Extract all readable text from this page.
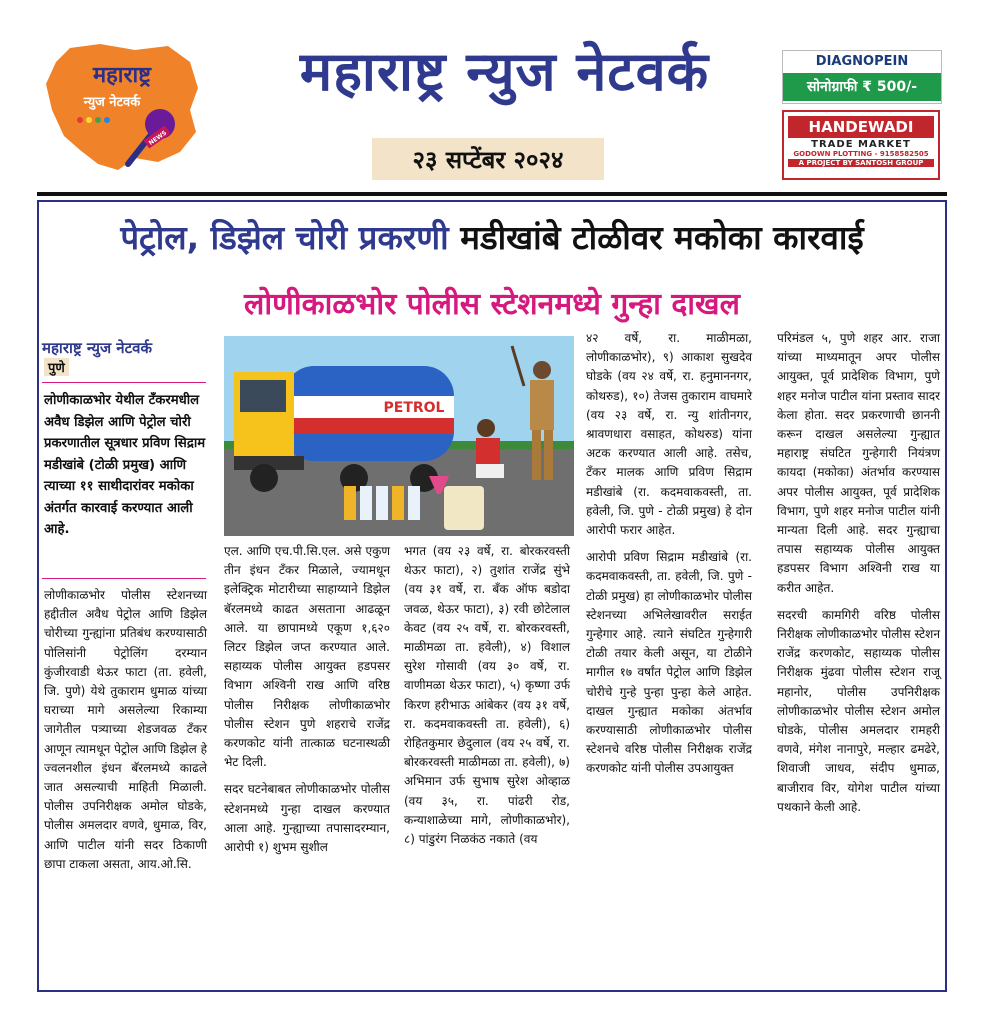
महाराष्ट्र
न्युज नेटवर्क
NEWS
महाराष्ट्र न्युज नेटवर्क
२३ सप्टेंबर २०२४
DIAGNOPEIN
सोनोग्राफी ₹ 500/-
HANDEWADI
TRADE MARKET
GODOWN PLOTTING - 9158582505
A PROJECT BY SANTOSH GROUP
पेट्रोल, डिझेल चोरी प्रकरणी मडीखांबे टोळीवर मकोका कारवाई
लोणीकाळभोर पोलीस स्टेशनमध्ये गुन्हा दाखल
महाराष्ट्र न्युज नेटवर्क
पुणे
लोणीकाळभोर येथील टँकरमधील अवैध डिझेल आणि पेट्रोल चोरी प्रकरणातील सूत्रधार प्रविण सिद्राम मडीखांबे (टोळी प्रमुख) आणि त्याच्या ११ साथीदारांवर मकोका अंतर्गत कारवाई करण्यात आली आहे.
PETROL
लोणीकाळभोर पोलीस स्टेशनच्या हद्दीतील अवैध पेट्रोल आणि डिझेल चोरीच्या गुन्ह्यांना प्रतिबंध करण्यासाठी पोलिसांनी पेट्रोलिंग दरम्यान कुंजीरवाडी थेऊर फाटा (ता. हवेली, जि. पुणे) येथे तुकाराम धुमाळ यांच्या घराच्या मागे असलेल्या रिकाम्या जागेतील पत्र्याच्या शेडजवळ टँकर आणून त्यामधून पेट्रोल आणि डिझेल हे ज्वलनशील इंधन बॅरलमध्ये काढले जात असल्याची माहिती मिळाली. पोलीस उपनिरीक्षक अमोल घोडके, पोलीस अमलदार वणवे, धुमाळ, विर, आणि पाटील यांनी सदर ठिकाणी छापा टाकला असता, आय.ओ.सि.
एल. आणि एच.पी.सि.एल. असे एकुण तीन इंधन टँकर मिळाले, ज्यामधून इलेक्ट्रिक मोटारीच्या साहाय्याने डिझेल बॅरलमध्ये काढत असताना आढळून आले. या छापामध्ये एकूण १,६२० लिटर डिझेल जप्त करण्यात आले. सहाय्यक पोलीस आयुक्त हडपसर विभाग अश्विनी राख आणि वरिष्ठ पोलीस निरीक्षक लोणीकाळभोर पोलीस स्टेशन पुणे शहराचे राजेंद्र करणकोट यांनी तात्काळ घटनास्थळी भेट दिली.
सदर घटनेबाबत लोणीकाळभोर पोलीस स्टेशनमध्ये गुन्हा दाखल करण्यात आला आहे. गुन्ह्याच्या तपासादरम्यान, आरोपी १) शुभम सुशील
भगत (वय २३ वर्षे, रा. बोरकरवस्ती थेऊर फाटा), २) तुशांत राजेंद्र सुंभे (वय ३१ वर्षे, रा. बँक ऑफ बडोदा जवळ, थेऊर फाटा), ३) रवी छोटेलाल केवट (वय २५ वर्षे, रा. बोरकरवस्ती, माळीमळा ता. हवेली), ४) विशाल सुरेश गोसावी (वय ३० वर्षे, रा. वाणीमळा थेऊर फाटा), ५) कृष्णा उर्फ किरण हरीभाऊ आंबेकर (वय ३१ वर्षे, रा. कदमवाकवस्ती ता. हवेली), ६) रोहितकुमार छेदुलाल (वय २५ वर्षे, रा. बोरकरवस्ती माळीमळा ता. हवेली), ७) अभिमान उर्फ सुभाष सुरेश ओव्हाळ (वय ३५, रा. पांढरी रोड, कन्याशाळेच्या मागे, लोणीकाळभोर), ८) पांडुरंग निळकंठ नकाते (वय
४२ वर्षे, रा. माळीमळा, लोणीकाळभोर), ९) आकाश सुखदेव घोडके (वय २४ वर्षे, रा. हनुमाननगर, कोथरुड), १०) तेजस तुकाराम वाघमारे (वय २३ वर्षे, रा. न्यु शांतीनगर, श्रावणधारा वसाहत, कोथरुड) यांना अटक करण्यात आली आहे. तसेच, टँकर मालक आणि प्रविण सिद्राम मडीखांबे (रा. कदमवाकवस्ती, ता. हवेली, जि. पुणे - टोळी प्रमुख) हे दोन आरोपी फरार आहेत.
आरोपी प्रविण सिद्राम मडीखांबे (रा. कदमवाकवस्ती, ता. हवेली, जि. पुणे - टोळी प्रमुख) हा लोणीकाळभोर पोलीस स्टेशनच्या अभिलेखावरील सराईत गुन्हेगार आहे. त्याने संघटित गुन्हेगारी टोळी तयार केली असून, या टोळीने मागील १७ वर्षांत पेट्रोल आणि डिझेल चोरीचे गुन्हे पुन्हा पुन्हा केले आहेत. दाखल गुन्ह्यात मकोका अंतर्भाव करण्यासाठी लोणीकाळभोर पोलीस स्टेशनचे वरिष्ठ पोलीस निरीक्षक राजेंद्र करणकोट यांनी पोलीस उपआयुक्त
परिमंडल ५, पुणे शहर आर. राजा यांच्या माध्यमातून अपर पोलीस आयुक्त, पूर्व प्रादेशिक विभाग, पुणे शहर मनोज पाटील यांना प्रस्ताव सादर केला होता. सदर प्रकरणाची छाननी करून दाखल असलेल्या गुन्ह्यात महाराष्ट्र संघटित गुन्हेगारी नियंत्रण कायदा (मकोका) अंतर्भाव करण्यास अपर पोलीस आयुक्त, पूर्व प्रादेशिक विभाग, पुणे शहर मनोज पाटील यांनी मान्यता दिली आहे. सदर गुन्ह्याचा तपास सहाय्यक पोलीस आयुक्त हडपसर विभाग अश्विनी राख या करीत आहेत.
सदरची कामगिरी वरिष्ठ पोलीस निरीक्षक लोणीकाळभोर पोलीस स्टेशन राजेंद्र करणकोट, सहाय्यक पोलीस निरीक्षक मुंढवा पोलीस स्टेशन राजू महानोर, पोलीस उपनिरीक्षक लोणीकाळभोर पोलीस स्टेशन अमोल घोडके, पोलीस अमलदार रामहरी वणवे, मंगेश नानापुरे, मल्हार ढमढेरे, शिवाजी जाधव, संदीप धुमाळ, बाजीराव विर, योगेश पाटील यांच्या पथकाने केली आहे.
